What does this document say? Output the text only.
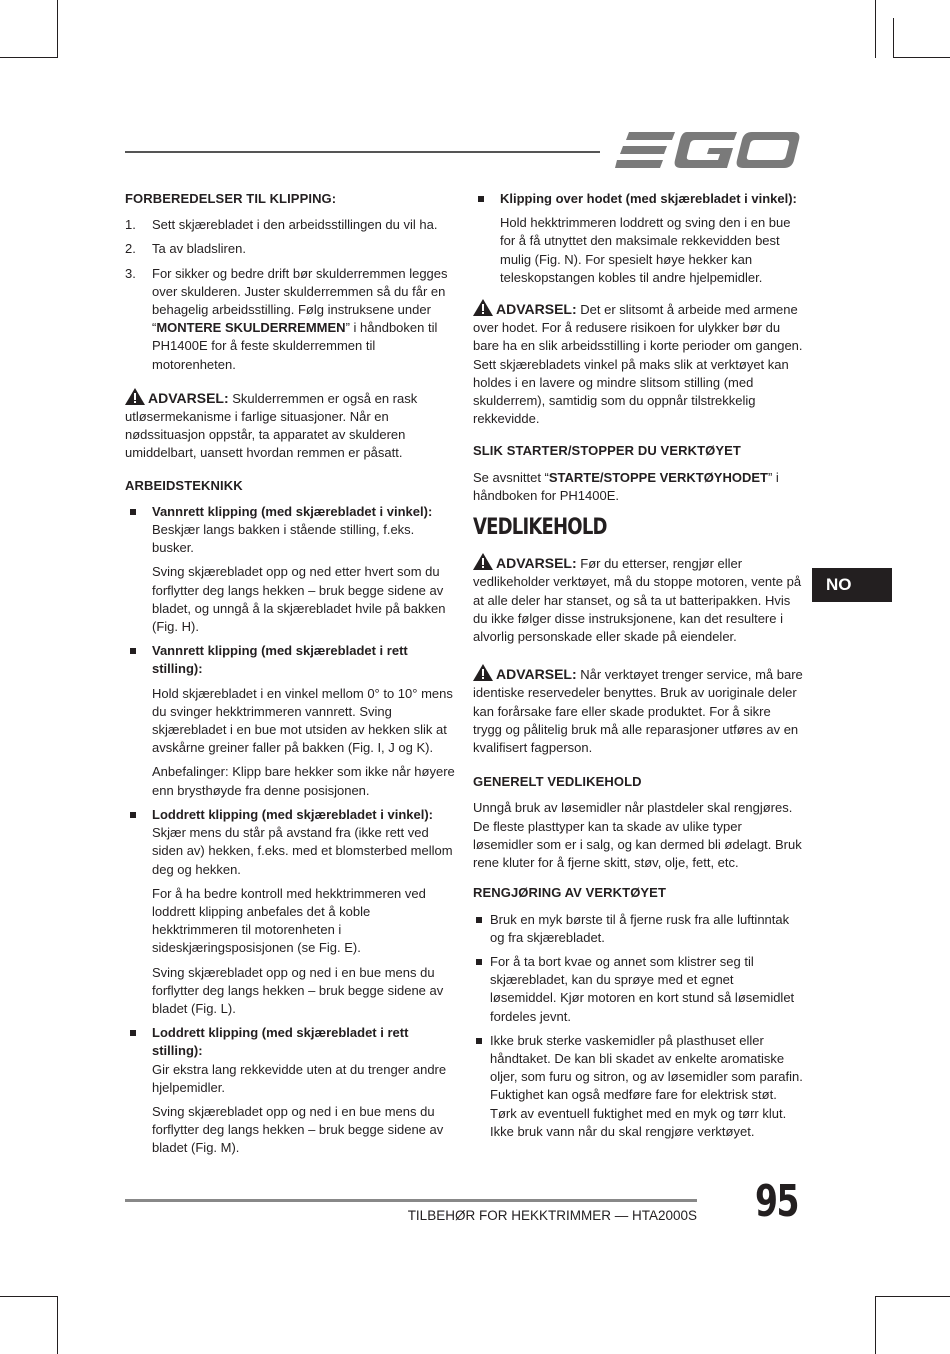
FORBEREDELSER TIL KLIPPING:
1. Sett skjærebladet i den arbeidsstillingen du vil ha.
2. Ta av bladsliren.
3. For sikker og bedre drift bør skulderremmen legges over skulderen. Juster skulderremmen så du får en behagelig arbeidsstilling. Følg instruksene under “MONTERE SKULDERREMMEN” i håndboken til PH1400E for å feste skulderremmen til motorenheten.

ADVARSEL: Skulderremmen er også en rask utløsermekanisme i farlige situasjoner. Når en nødssituasjon oppstår, ta apparatet av skulderen umiddelbart, uansett hvordan remmen er påsatt.

ARBEIDSTEKNIKK

Vannrett klipping (med skjærebladet i vinkel):
Beskjær langs bakken i stående stilling, f.eks. busker.

Sving skjærebladet opp og ned etter hvert som du forflytter deg langs hekken – bruk begge sidene av bladet, og unngå å la skjærebladet hvile på bakken (Fig. H).

Vannrett klipping (med skjærebladet i rett stilling):

Hold skjærebladet i en vinkel mellom 0° to 10° mens du svinger hekktrimmeren vannrett. Sving skjærebladet i en bue mot utsiden av hekken slik at avskårne greiner faller på bakken (Fig. I, J og K).

Anbefalinger: Klipp bare hekker som ikke når høyere enn brysthøyde fra denne posisjonen.

Loddrett klipping (med skjærebladet i vinkel):
Skjær mens du står på avstand fra (ikke rett ved siden av) hekken, f.eks. med et blomsterbed mellom deg og hekken.

For å ha bedre kontroll med hekktrimmeren ved loddrett klipping anbefales det å koble hekktrimmeren til motorenheten i sideskjæringsposisjonen (se Fig. E).

Sving skjærebladet opp og ned i en bue mens du forflytter deg langs hekken – bruk begge sidene av bladet (Fig. L).

Loddrett klipping (med skjærebladet i rett stilling):
Gir ekstra lang rekkevidde uten at du trenger andre hjelpemidler.

Sving skjærebladet opp og ned i en bue mens du forflytter deg langs hekken – bruk begge sidene av bladet (Fig. M).

Klipping over hodet (med skjærebladet i vinkel):

Hold hekktrimmeren loddrett og sving den i en bue for å få utnyttet den maksimale rekkevidden best mulig (Fig. N). For spesielt høye hekker kan teleskopstangen kobles til andre hjelpemidler.

ADVARSEL: Det er slitsomt å arbeide med armene over hodet. For å redusere risikoen for ulykker bør du bare ha en slik arbeidsstilling i korte perioder om gangen. Sett skjærebladets vinkel på maks slik at verktøyet kan holdes i en lavere og mindre slitsom stilling (med skulderrem), samtidig som du oppnår tilstrekkelig rekkevidde.

SLIK STARTER/STOPPER DU VERKTØYET

Se avsnittet “STARTE/STOPPE VERKTØYHODET” i håndboken for PH1400E.

VEDLIKEHOLD

ADVARSEL: Før du etterser, rengjør eller vedlikeholder verktøyet, må du stoppe motoren, vente på at alle deler har stanset, og så ta ut batteripakken. Hvis du ikke følger disse instruksjonene, kan det resultere i alvorlig personskade eller skade på eiendeler.

ADVARSEL: Når verktøyet trenger service, må bare identiske reservedeler benyttes. Bruk av uoriginale deler kan forårsake fare eller skade produktet. For å sikre trygg og pålitelig bruk må alle reparasjoner utføres av en kvalifisert fagperson.

GENERELT VEDLIKEHOLD

Unngå bruk av løsemidler når plastdeler skal rengjøres. De fleste plasttyper kan ta skade av ulike typer løsemidler som er i salg, og kan dermed bli ødelagt. Bruk rene kluter for å fjerne skitt, støv, olje, fett, etc.

RENGJØRING AV VERKTØYET
Bruk en myk børste til å fjerne rusk fra alle luftinntak og fra skjærebladet.
For å ta bort kvae og annet som klistrer seg til skjærebladet, kan du sprøye med et egnet løsemiddel. Kjør motoren en kort stund så løsemidlet fordeles jevnt.
Ikke bruk sterke vaskemidler på plasthuset eller håndtaket. De kan bli skadet av enkelte aromatiske oljer, som furu og sitron, og av løsemidler som parafin. Fuktighet kan også medføre fare for elektrisk støt. Tørk av eventuell fuktighet med en myk og tørr klut. Ikke bruk vann når du skal rengjøre verktøyet.
NO
TILBEHØR FOR HEKKTRIMMER — HTA2000S 95
